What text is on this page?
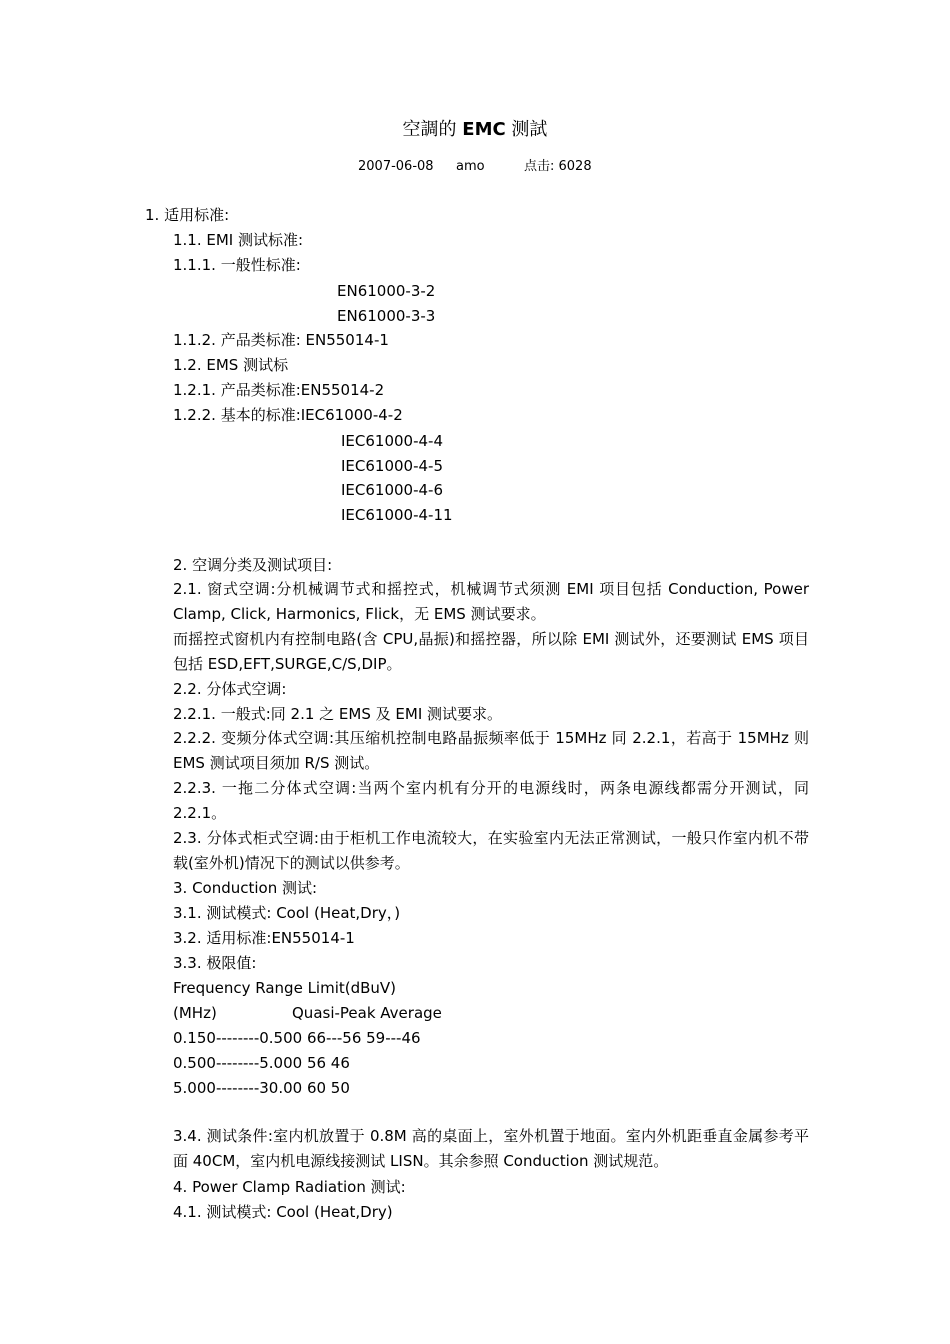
空調的 EMC 测試
2007-06-08 amo	点击: 6028
1. 适用标准:
1.1. EMI 测试标准:
1.1.1. 一般性标准:
EN61000-3-2
EN61000-3-3
1.1.2. 产品类标准: EN55014-1
1.2. EMS 测试标
1.2.1. 产品类标准:EN55014-2
1.2.2. 基本的标准:IEC61000-4-2
IEC61000-4-4
IEC61000-4-5
IEC61000-4-6
IEC61000-4-11
2. 空调分类及测试项目:
2.1. 窗式空调:分机械调节式和摇控式，机械调节式须测 EMI 项目包括 Conduction, Power Clamp, Click, Harmonics, Flick，无 EMS 测试要求。
而摇控式窗机内有控制电路(含 CPU,晶振)和摇控器，所以除 EMI 测试外，还要测试 EMS 项目包括 ESD,EFT,SURGE,C/S,DIP。
2.2. 分体式空调:
2.2.1. 一般式:同 2.1 之 EMS 及 EMI 测试要求。
2.2.2. 变频分体式空调:其压缩机控制电路晶振频率低于 15MHz 同 2.2.1，若高于 15MHz 则 EMS 测试项目须加 R/S 测试。
2.2.3. 一拖二分体式空调:当两个室内机有分开的电源线时，两条电源线都需分开测试，同 2.2.1。
2.3. 分体式柜式空调:由于柜机工作电流较大，在实验室内无法正常测试，一般只作室内机不带载(室外机)情况下的测试以供参考。
3. Conduction 测试:
3.1. 测试模式: Cool (Heat,Dry，)
3.2. 适用标准:EN55014-1
3.3. 极限值:
Frequency Range Limit(dBuV)
(MHz)	Quasi-Peak Average
0.150--------0.500 66---56 59---46
0.500--------5.000 56 46
5.000--------30.00 60 50
3.4. 测试条件:室内机放置于 0.8M 高的桌面上，室外机置于地面。室内外机距垂直金属参考平面 40CM，室内机电源线接测试 LISN。其余参照 Conduction 测试规范。
4. Power Clamp Radiation 测试:
4.1. 测试模式: Cool (Heat,Dry)
